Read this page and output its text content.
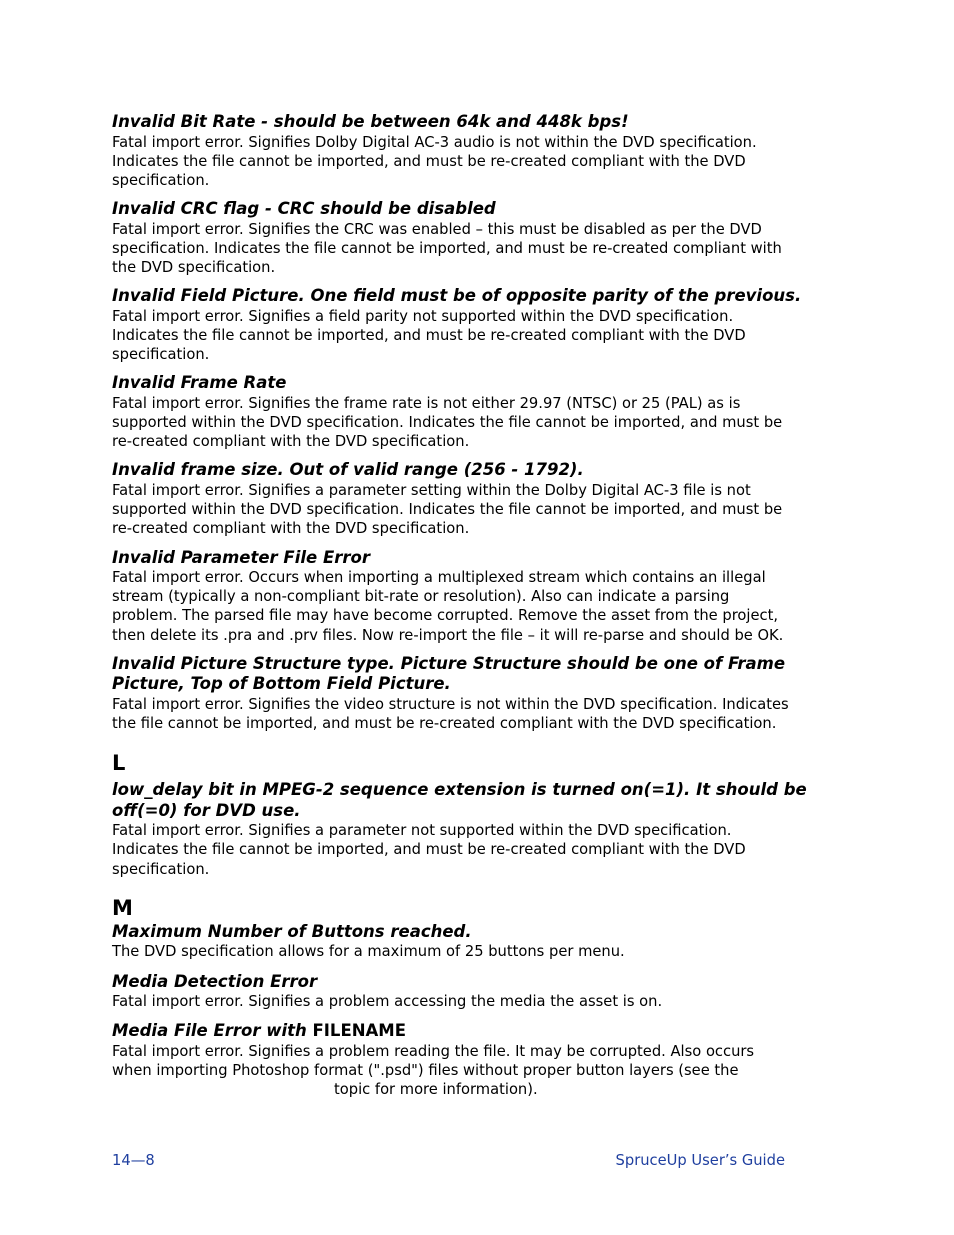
Invalid Bit Rate - should be between 64k and 448k bps!

Fatal import error. Signifies Dolby Digital AC-3 audio is not within the DVD specification.

Indicates the file cannot be imported, and must be re-created compliant with the DVD

specification.

Invalid CRC flag - CRC should be disabled

Fatal import error. Signifies the CRC was enabled – this must be disabled as per the DVD

specification. Indicates the file cannot be imported, and must be re-created compliant with

the DVD specification.

Invalid Field Picture. One field must be of opposite parity of the previous.

Fatal import error. Signifies a field parity not supported within the DVD specification.

Indicates the file cannot be imported, and must be re-created compliant with the DVD

specification.

Invalid Frame Rate

Fatal import error. Signifies the frame rate is not either 29.97 (NTSC) or 25 (PAL) as is

supported within the DVD specification. Indicates the file cannot be imported, and must be

re-created compliant with the DVD specification.

Invalid frame size. Out of valid range (256 - 1792).

Fatal import error. Signifies a parameter setting within the Dolby Digital AC-3 file is not

supported within the DVD specification. Indicates the file cannot be imported, and must be

re-created compliant with the DVD specification.

Invalid Parameter File Error

Fatal import error. Occurs when importing a multiplexed stream which contains an illegal

stream (typically a non-compliant bit-rate or resolution). Also can indicate a parsing

problem. The parsed file may have become corrupted. Remove the asset from the project,

then delete its .pra and .prv files. Now re-import the file – it will re-parse and should be OK.

Invalid Picture Structure type. Picture Structure should be one of Frame

Picture, Top of Bottom Field Picture.

Fatal import error. Signifies the video structure is not within the DVD specification. Indicates

the file cannot be imported, and must be re-created compliant with the DVD specification.

L

low_delay bit in MPEG-2 sequence extension is turned on(=1). It should be

off(=0) for DVD use.

Fatal import error. Signifies a parameter not supported within the DVD specification.

Indicates the file cannot be imported, and must be re-created compliant with the DVD

specification.

M

Maximum Number of Buttons reached.

The DVD specification allows for a maximum of 25 buttons per menu.

Media Detection Error

Fatal import error. Signifies a problem accessing the media the asset is on.

Media File Error with FILENAME

Fatal import error. Signifies a problem reading the file. It may be corrupted. Also occurs

when importing Photoshop format (".psd") files without proper button layers (see the

topic for more information).

14—8	SpruceUp User’s Guide
